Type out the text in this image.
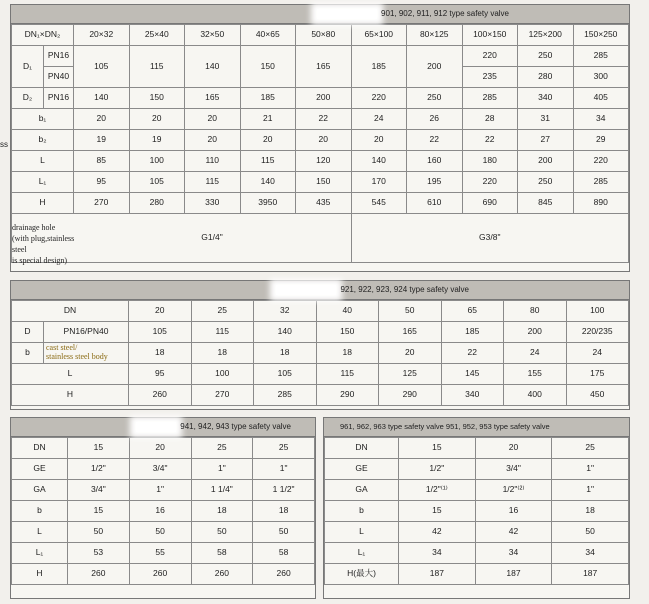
901, 902, 911, 912 type safety valve
DN₁×DN₂		20×32	25×40	32×50	40×65	50×80	65×100	80×125	100×150	125×200	150×250
D₁	PN16	105	115	140	150	165	185	200	220	250	285
	PN40								235	280	300
D₂	PN16	140	150	165	185	200	220	250	285	340	405
b₁		20	20	20	21	22	24	26	28	31	34
b₂		19	19	20	20	20	20	22	22	27	29
L		85	100	110	115	120	140	160	180	200	220
L₁		95	105	115	140	150	170	195	220	250	285
H		270	280	330	3950	435	545	610	690	845	890
		G1/4"					G3/8"				
drainage hole
(with plug,stainless
steel
is special design)
ss
921, 922, 923, 924 type safety valve
DN		20	25	32	40	50	65	80	100
D	PN16/PN40	105	115	140	150	165	185	200	220/235
b	cast steel/
stainless steel body	18	18	18	18	20	22	24	24
L		95	100	105	115	125	145	155	175
H		260	270	285	290	290	340	400	450
941, 942, 943 type safety valve
DN	15	20	25	25
GE	1/2"	3/4"	1"	1"
GA	3/4"	1"	1 1/4"	1 1/2"
b	15	16	18	18
L	50	50	50	50
L₁	53	55	58	58
H	260	260	260	260
961, 962, 963 type safety valve 951, 952, 953 type safety valve
DN	15	20	25
GE	1/2"	3/4"	1"
GA	1/2"⁽¹⁾	1/2"⁽²⁾	1"
b	15	16	18
L	42	42	50
L₁	34	34	34
H(最大)	187	187	187
